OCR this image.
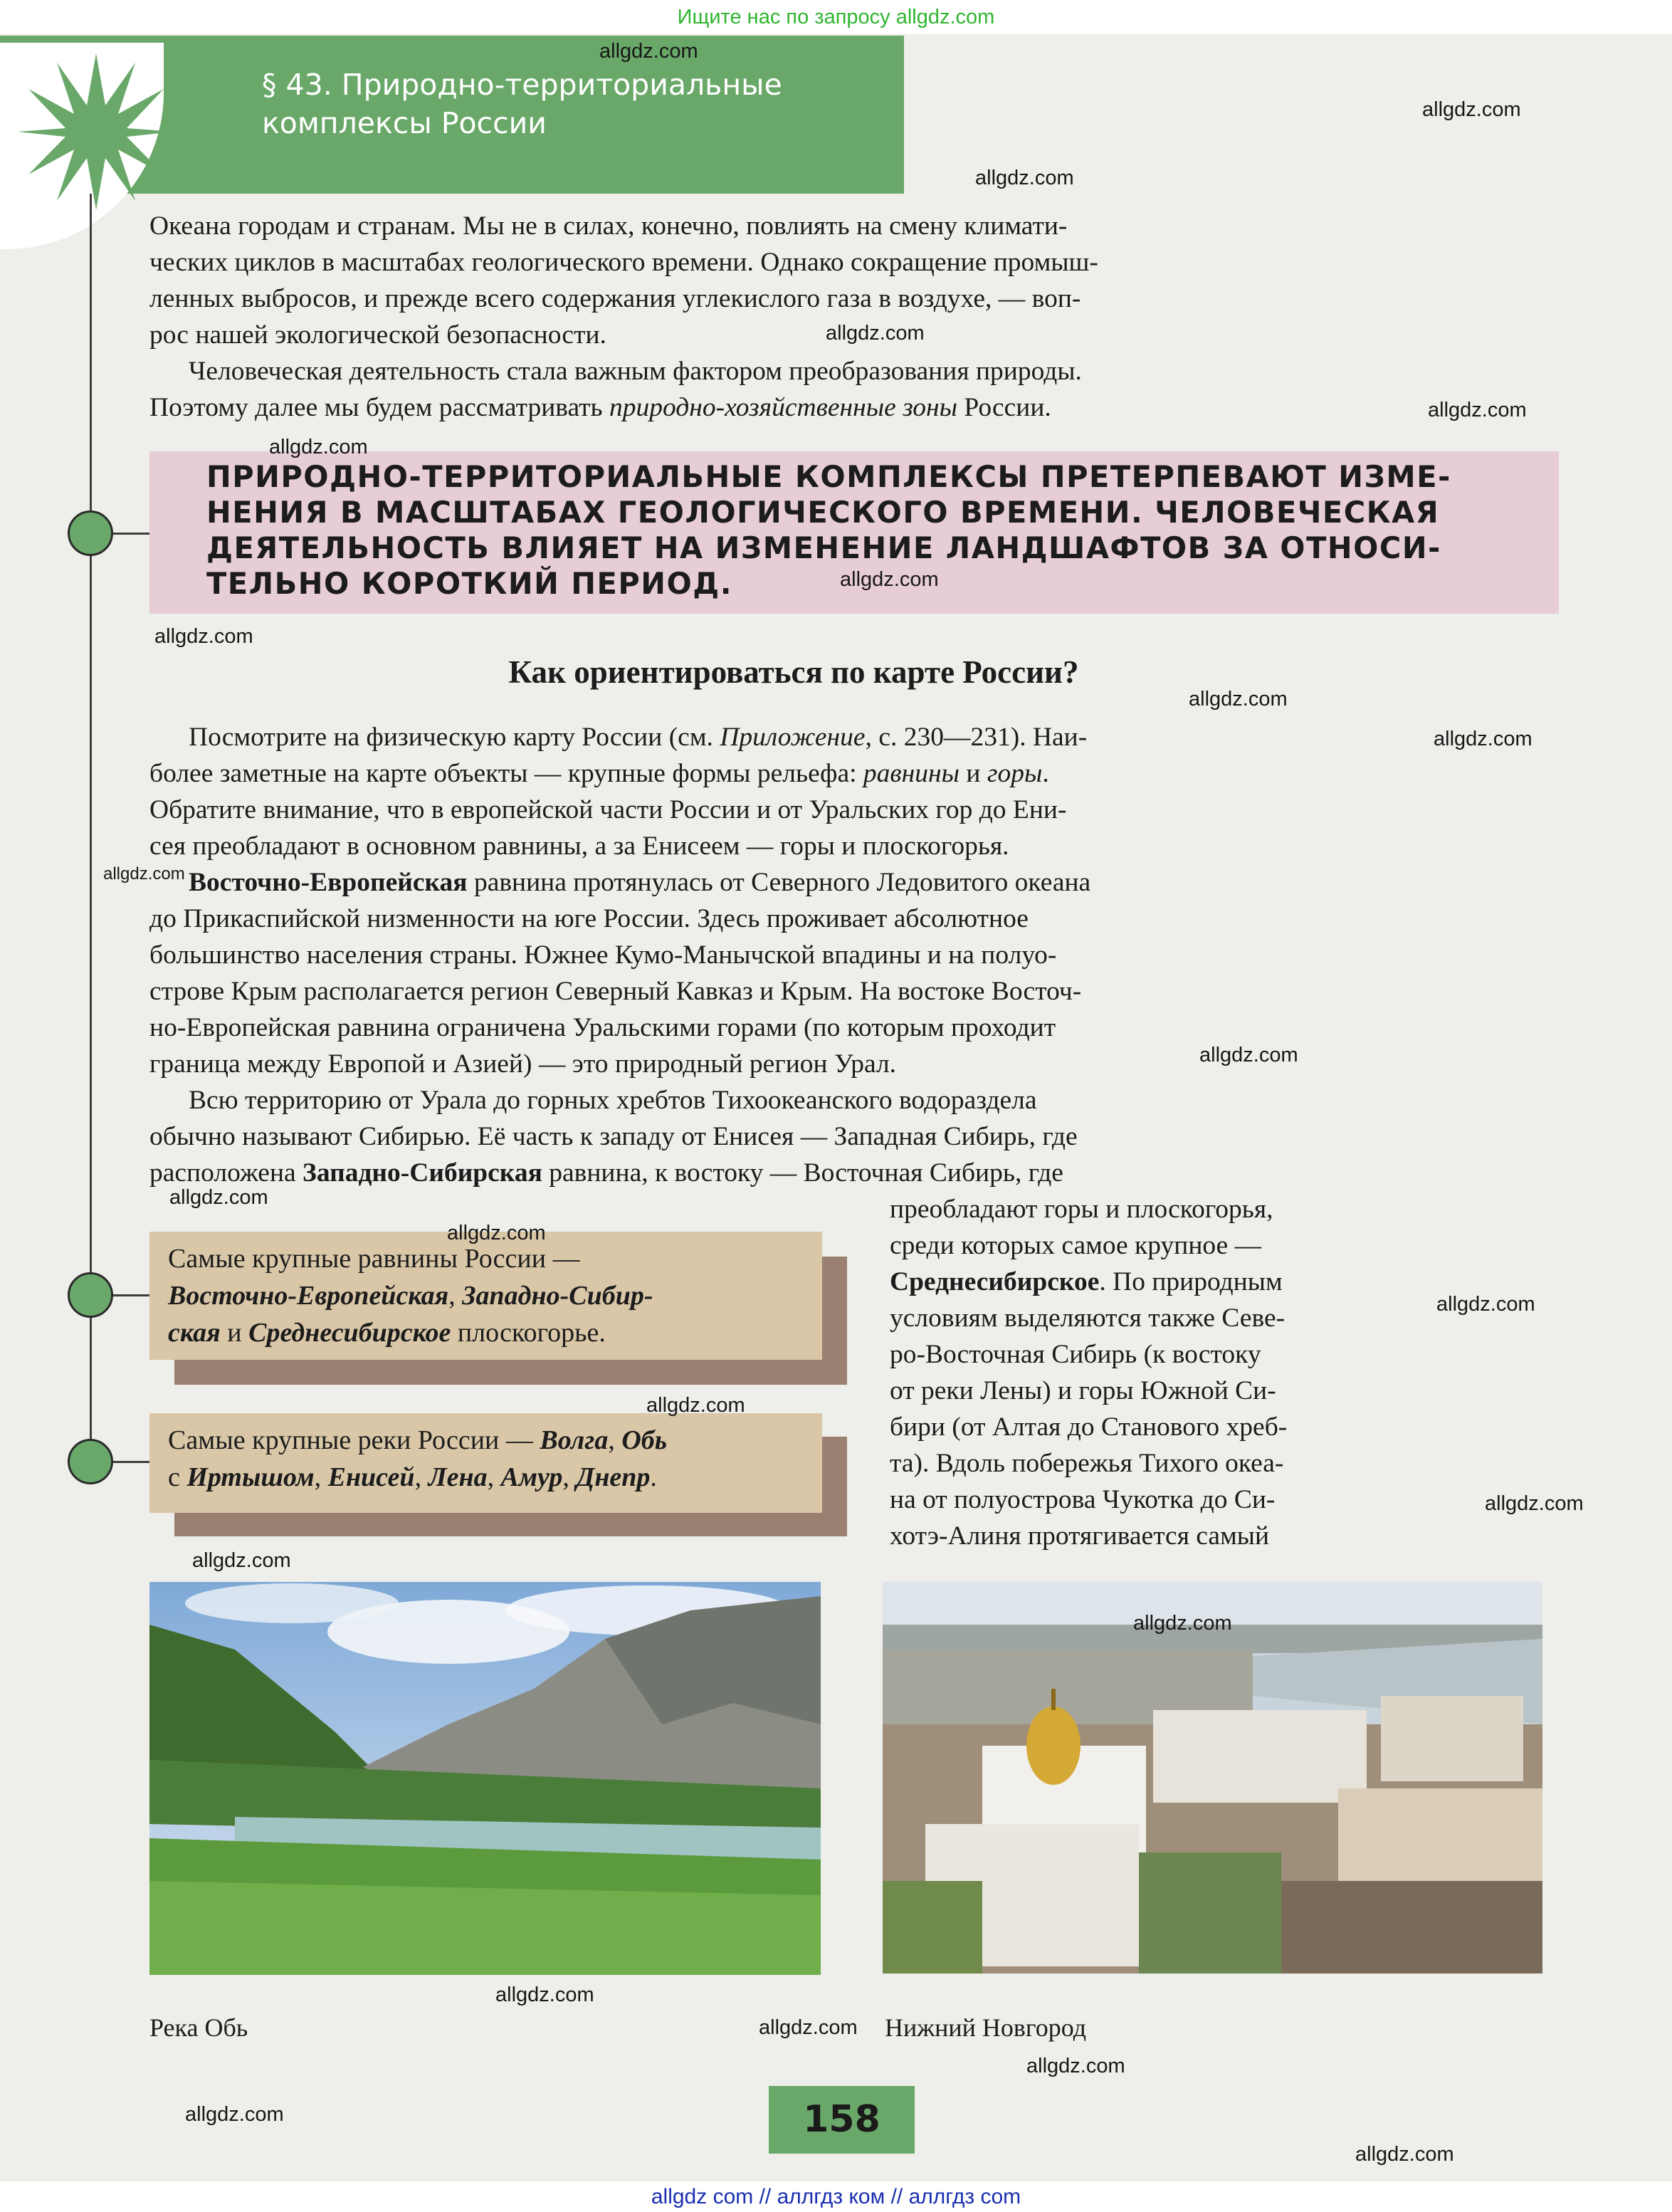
Ищите нас по запросу allgdz.com
§ 43. Природно-территориальные
комплексы России
Океана городам и странам. Мы не в силах, конечно, повлиять на смену климати-
ческих циклов в масштабах геологического времени. Однако сокращение промыш-
ленных выбросов, и прежде всего содержания углекислого газа в воздухе, — воп-
рос нашей экологической безопасности.
Человеческая деятельность стала важным фактором преобразования природы.
Поэтому далее мы будем рассматривать природно-хозяйственные зоны России.
ПРИРОДНО-ТЕРРИТОРИАЛЬНЫЕ КОМПЛЕКСЫ ПРЕТЕРПЕВАЮТ ИЗМЕ-
НЕНИЯ В МАСШТАБАХ ГЕОЛОГИЧЕСКОГО ВРЕМЕНИ. ЧЕЛОВЕЧЕСКАЯ
ДЕЯТЕЛЬНОСТЬ ВЛИЯЕТ НА ИЗМЕНЕНИЕ ЛАНДШАФТОВ ЗА ОТНОСИ-
ТЕЛЬНО КОРОТКИЙ ПЕРИОД.
Как ориентироваться по карте России?
Посмотрите на физическую карту России (см. Приложение, с. 230—231). Наи-
более заметные на карте объекты — крупные формы рельефа: равнины и горы.
Обратите внимание, что в европейской части России и от Уральских гор до Ени-
сея преобладают в основном равнины, а за Енисеем — горы и плоскогорья.
Восточно-Европейская равнина протянулась от Северного Ледовитого океана
до Прикаспийской низменности на юге России. Здесь проживает абсолютное
большинство населения страны. Южнее Кумо-Манычской впадины и на полуо-
строве Крым располагается регион Северный Кавказ и Крым. На востоке Восточ-
но-Европейская равнина ограничена Уральскими горами (по которым проходит
граница между Европой и Азией) — это природный регион Урал.
Всю территорию от Урала до горных хребтов Тихоокеанского водораздела
обычно называют Сибирью. Её часть к западу от Енисея — Западная Сибирь, где
расположена Западно-Сибирская равнина, к востоку — Восточная Сибирь, где
преобладают горы и плоскогорья,
среди которых самое крупное —
Среднесибирское. По природным
условиям выделяются также Севе-
ро-Восточная Сибирь (к востоку
от реки Лены) и горы Южной Си-
бири (от Алтая до Станового хреб-
та). Вдоль побережья Тихого океа-
на от полуострова Чукотка до Си-
хотэ-Алиня протягивается самый
Самые крупные равнины России —
Восточно-Европейская, Западно-Сибир-
ская и Среднесибирское плоскогорье.
Самые крупные реки России — Волга, Обь
с Иртышом, Енисей, Лена, Амур, Днепр.
Река Обь	Нижний Новгород
158
allgdz.com
allgdz.com
allgdz.com
allgdz.com
allgdz.com
allgdz.com
allgdz.com
allgdz.com
allgdz.com
allgdz.com
allgdz.com
allgdz.com
allgdz.com
allgdz.com
allgdz.com
allgdz.com
allgdz.com
allgdz.com
allgdz.com
allgdz.com
allgdz.com
allgdz.com
allgdz.com
allgdz.com
allgdz com // аллгдз ком // аллгдз com
